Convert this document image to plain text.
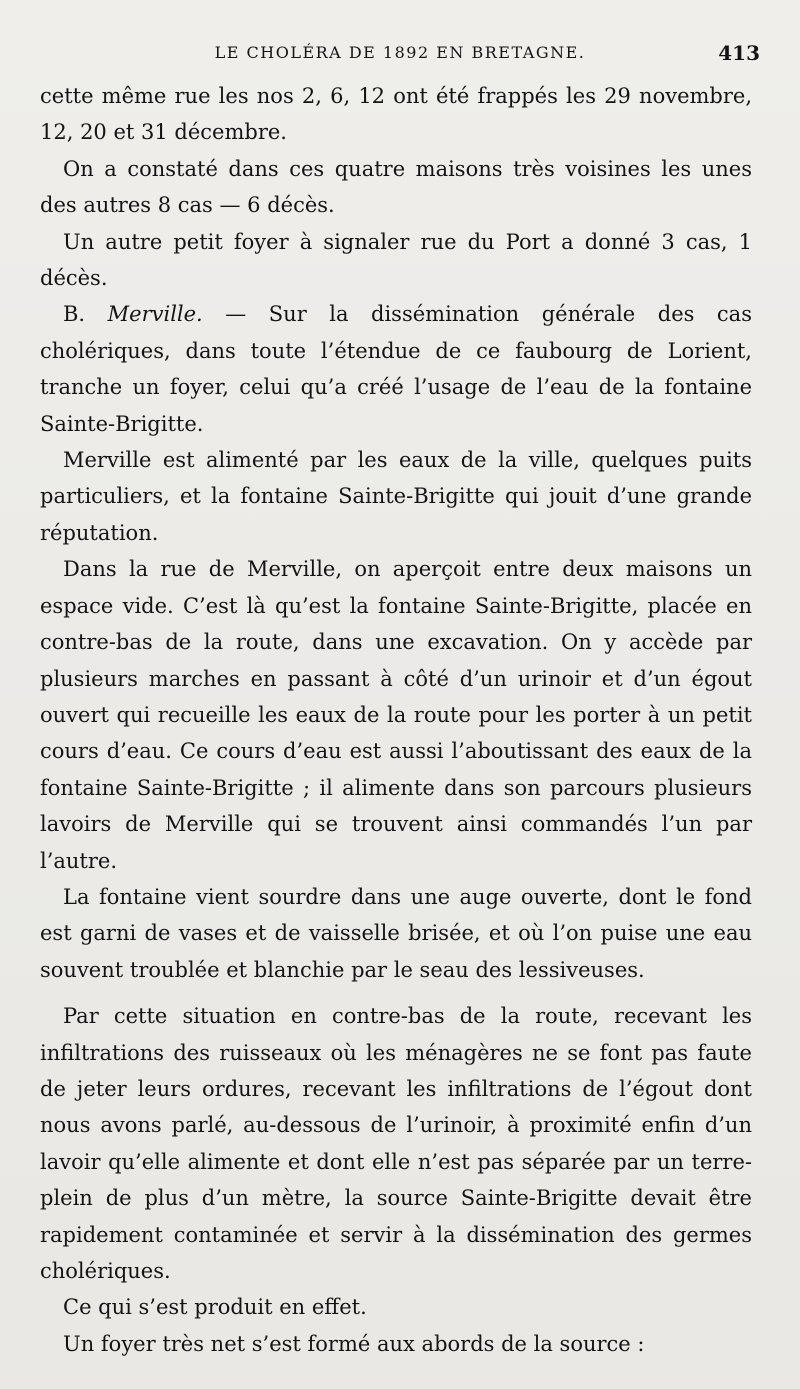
LE CHOLÉRA DE 1892 EN BRETAGNE.	413

cette même rue les nos 2, 6, 12 ont été frappés les 29 novembre, 12, 20 et 31 décembre.

On a constaté dans ces quatre maisons très voisines les unes des autres 8 cas — 6 décès.

Un autre petit foyer à signaler rue du Port a donné 3 cas, 1 décès.

B. Merville. — Sur la dissémination générale des cas cholériques, dans toute l’étendue de ce faubourg de Lorient, tranche un foyer, celui qu’a créé l’usage de l’eau de la fontaine Sainte-Brigitte.

Merville est alimenté par les eaux de la ville, quelques puits particuliers, et la fontaine Sainte-Brigitte qui jouit d’une grande réputation.

Dans la rue de Merville, on aperçoit entre deux maisons un espace vide. C’est là qu’est la fontaine Sainte-Brigitte, placée en contre-bas de la route, dans une excavation. On y accède par plusieurs marches en passant à côté d’un urinoir et d’un égout ouvert qui recueille les eaux de la route pour les porter à un petit cours d’eau. Ce cours d’eau est aussi l’aboutissant des eaux de la fontaine Sainte-Brigitte ; il alimente dans son parcours plusieurs lavoirs de Merville qui se trouvent ainsi commandés l’un par l’autre.

La fontaine vient sourdre dans une auge ouverte, dont le fond est garni de vases et de vaisselle brisée, et où l’on puise une eau souvent troublée et blanchie par le seau des lessiveuses.

Par cette situation en contre-bas de la route, recevant les infiltrations des ruisseaux où les ménagères ne se font pas faute de jeter leurs ordures, recevant les infiltrations de l’égout dont nous avons parlé, au-dessous de l’urinoir, à proximité enfin d’un lavoir qu’elle alimente et dont elle n’est pas séparée par un terre-plein de plus d’un mètre, la source Sainte-Brigitte devait être rapidement contaminée et servir à la dissémination des germes cholériques.

Ce qui s’est produit en effet.

Un foyer très net s’est formé aux abords de la source :
